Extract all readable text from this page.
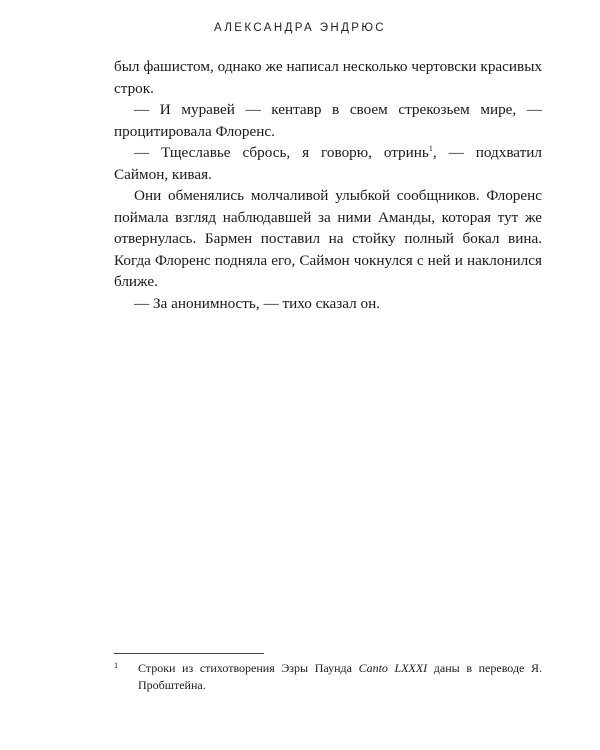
АЛЕКСАНДРА ЭНДРЮС

был фашистом, однако же написал несколько чертовски красивых строк.

— И муравей — кентавр в своем стрекозьем мире, — процитировала Флоренс.

— Тщеславье сбрось, я говорю, отринь$^1$, — подхватил Саймон, кивая.

Они обменялись молчаливой улыбкой сообщников. Флоренс поймала взгляд наблюдавшей за ними Аманды, которая тут же отвернулась. Бармен поставил на стойку полный бокал вина. Когда Флоренс подняла его, Саймон чокнулся с ней и наклонился ближе.

— За анонимность, — тихо сказал он.

1	Строки из стихотворения Эзры Паунда Canto LXXXI даны в переводе Я. Пробштейна.
